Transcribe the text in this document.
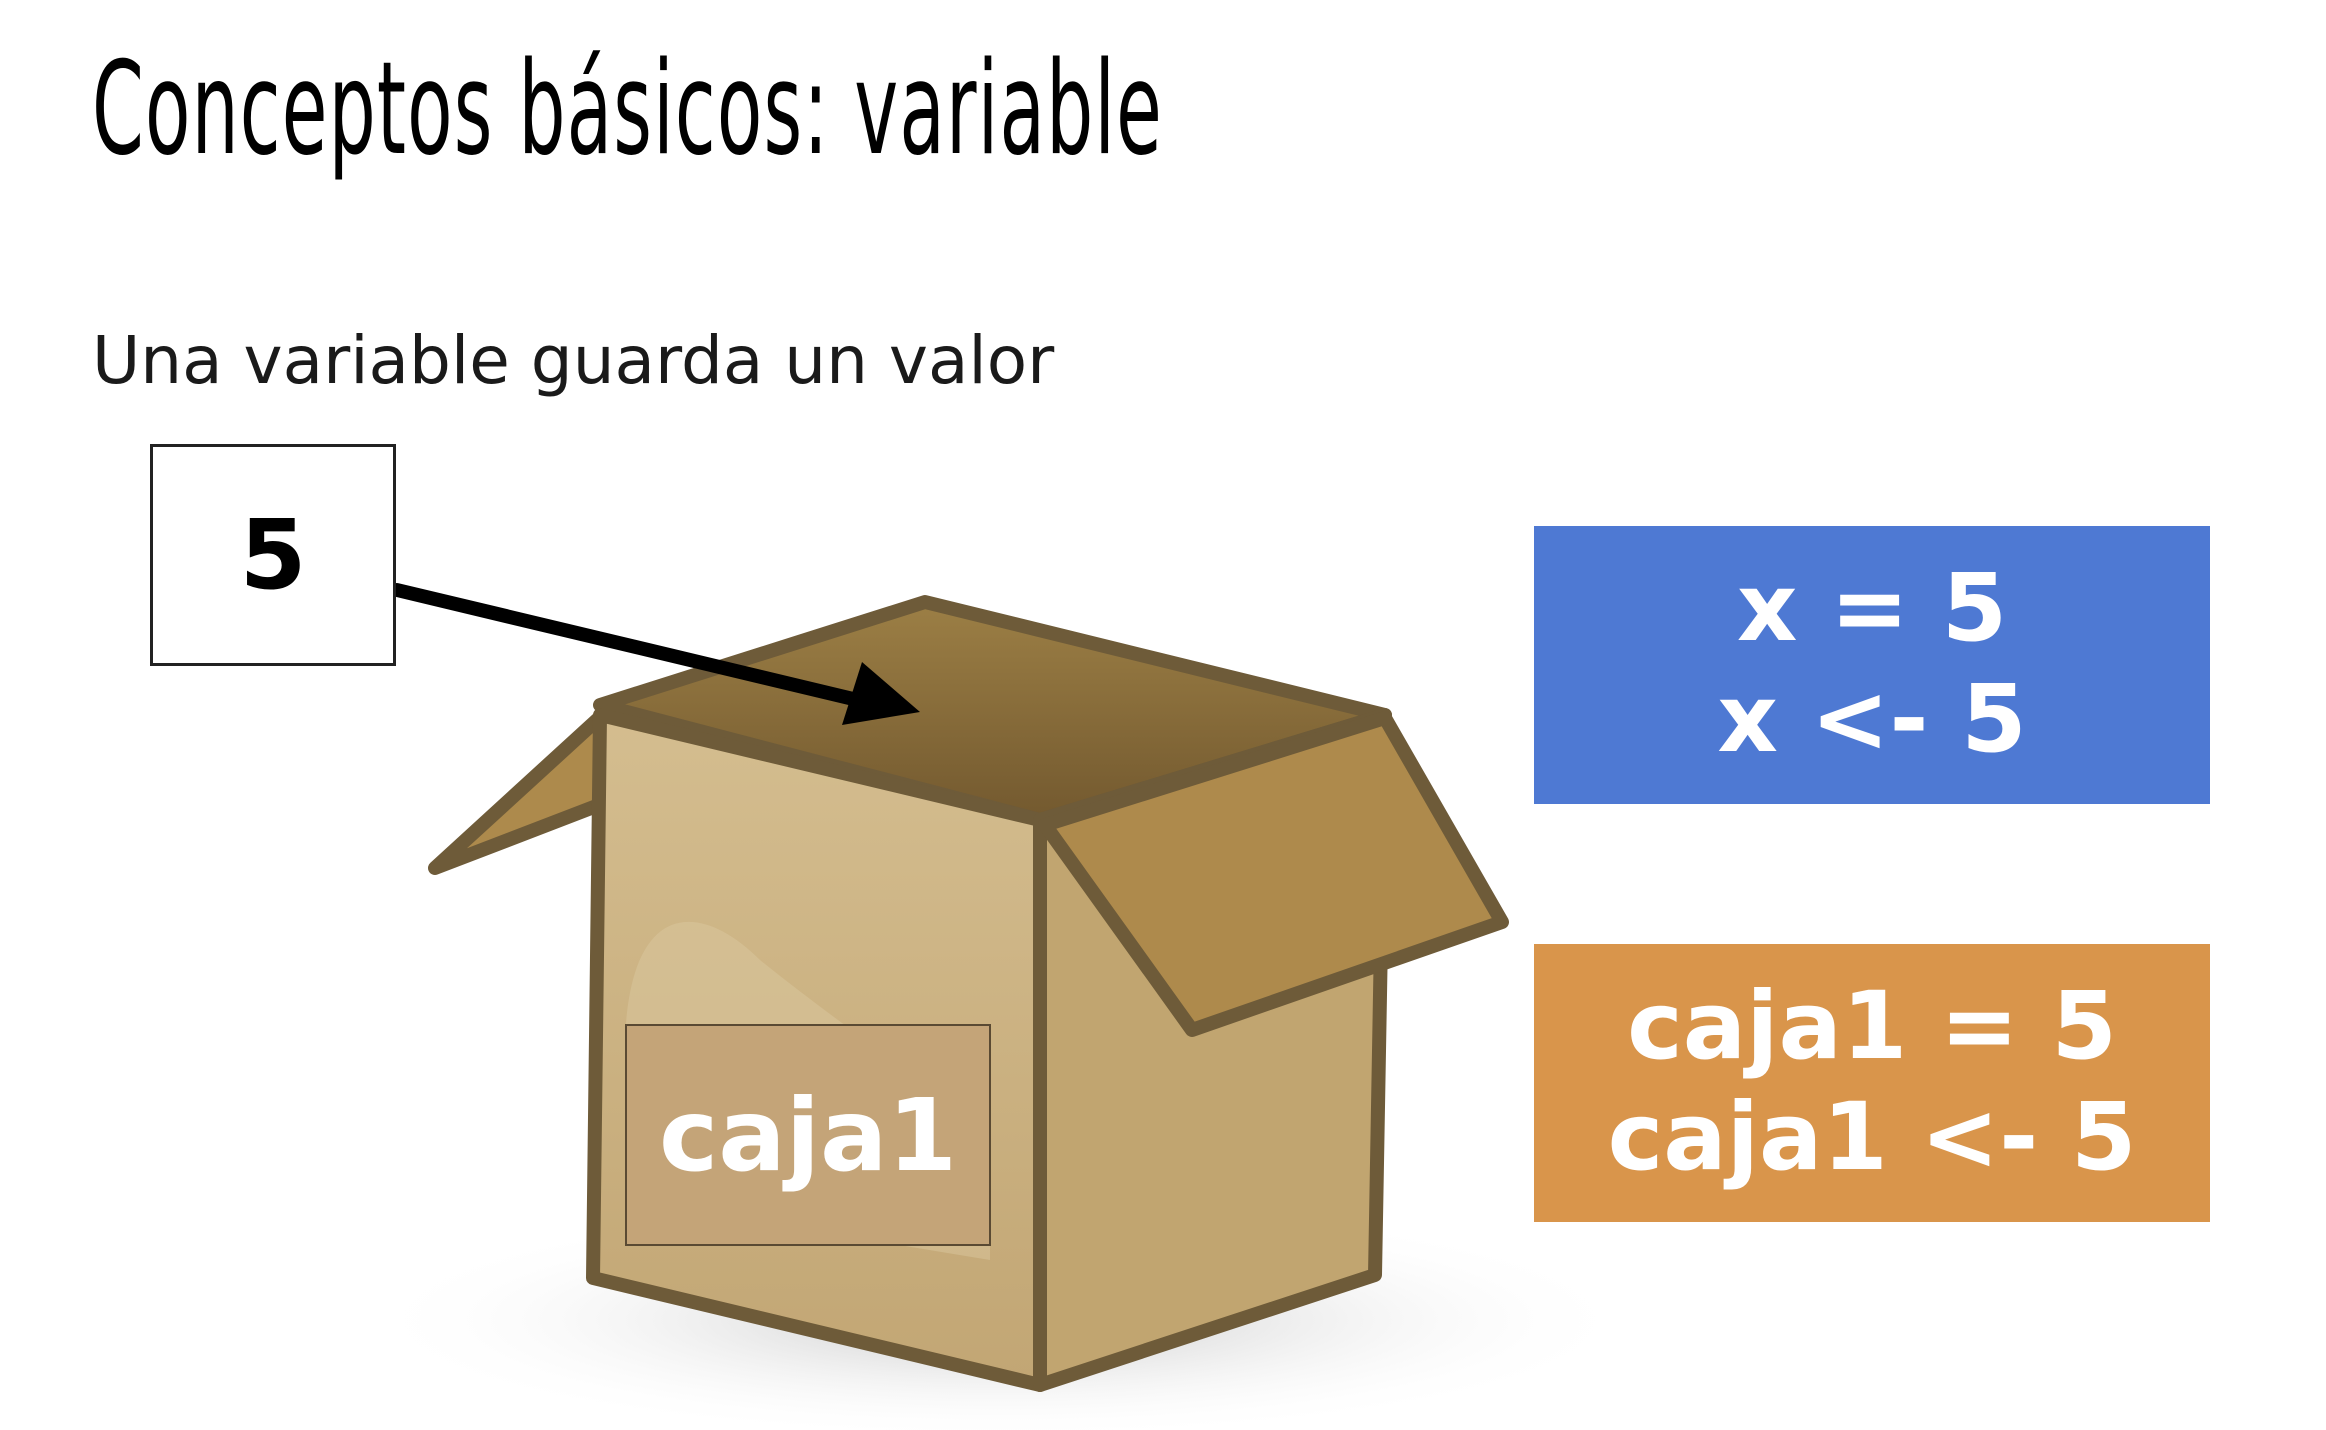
Conceptos básicos: variable
Una variable guarda un valor
5
caja1
x = 5
x <- 5
caja1 = 5
caja1 <- 5
